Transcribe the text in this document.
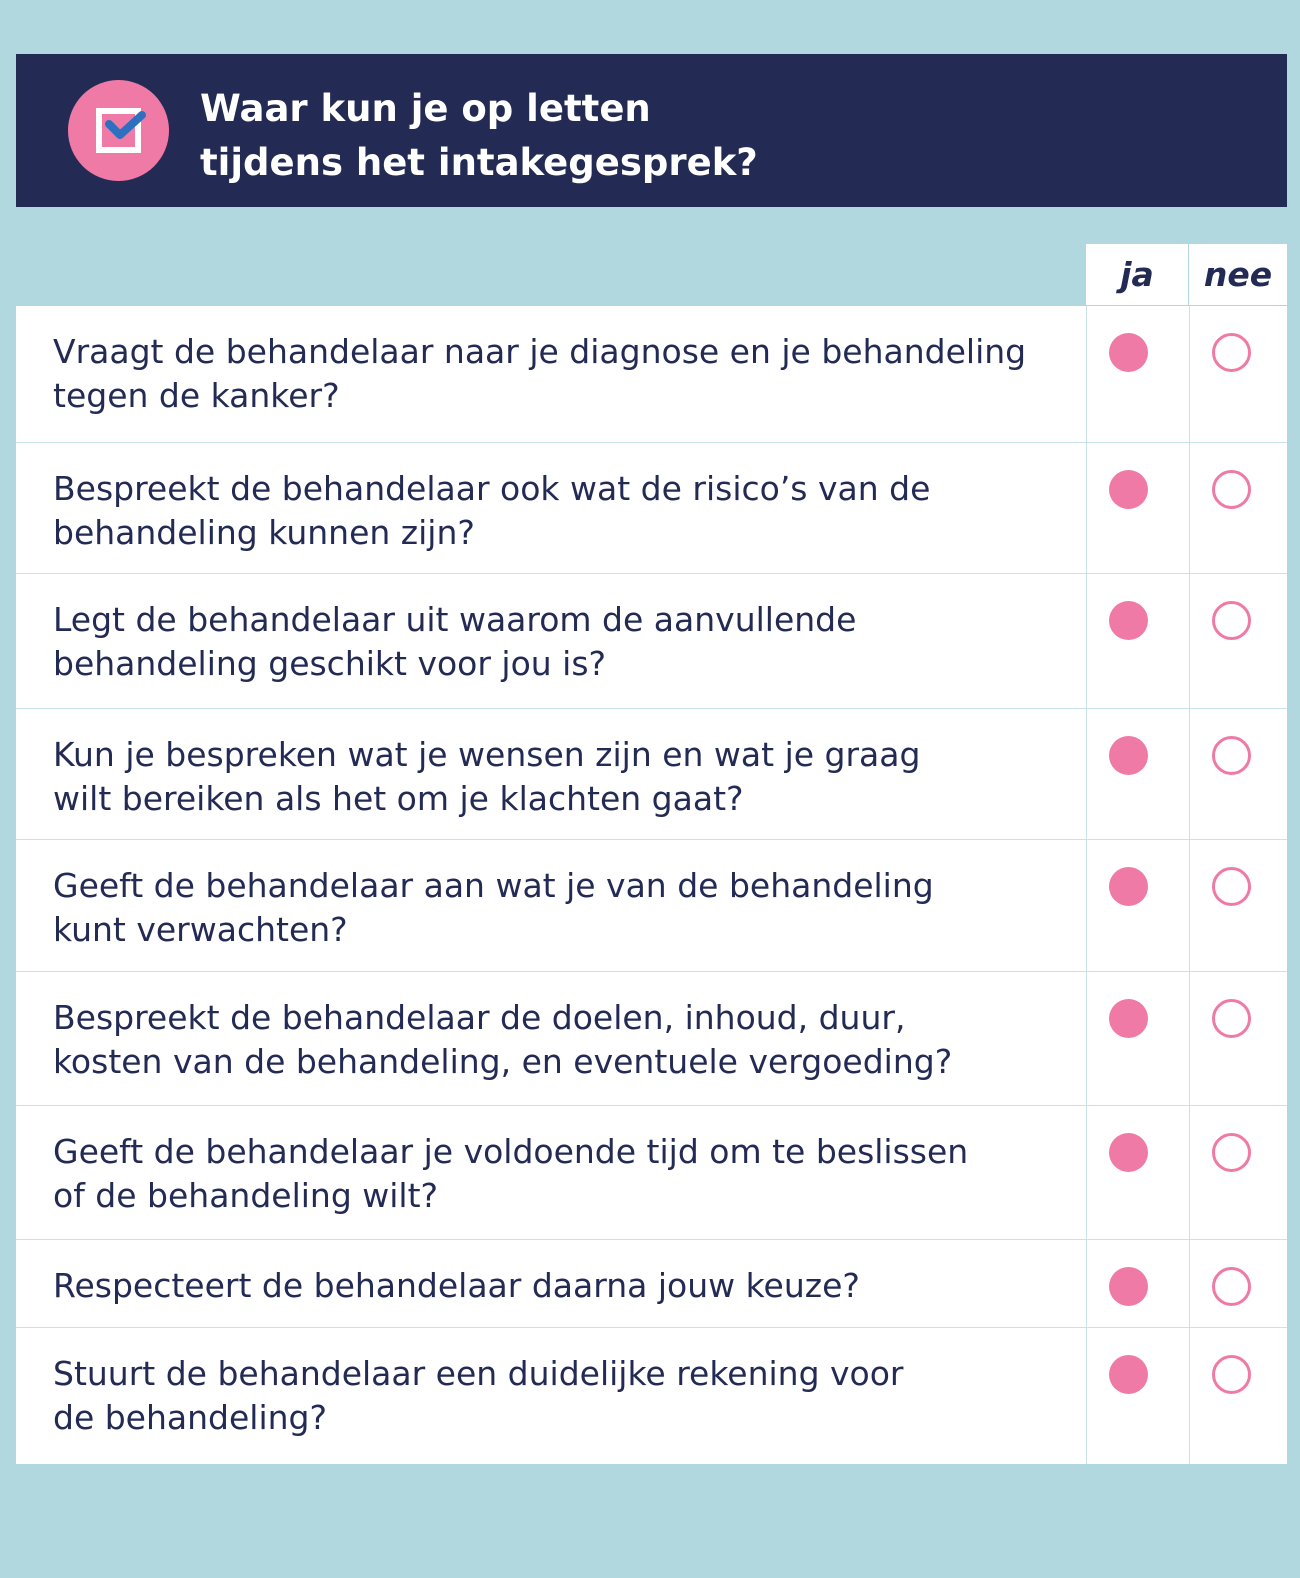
Waar kun je op letten
tijdens het intakegesprek?
ja	nee
Vraagt de behandelaar naar je diagnose en je behandeling
tegen de kanker?
Bespreekt de behandelaar ook wat de risico’s van de
behandeling kunnen zijn?
Legt de behandelaar uit waarom de aanvullende
behandeling geschikt voor jou is?
Kun je bespreken wat je wensen zijn en wat je graag
wilt bereiken als het om je klachten gaat?
Geeft de behandelaar aan wat je van de behandeling
kunt verwachten?
Bespreekt de behandelaar de doelen, inhoud, duur,
kosten van de behandeling, en eventuele vergoeding?
Geeft de behandelaar je voldoende tijd om te beslissen
of de behandeling wilt?
Respecteert de behandelaar daarna jouw keuze?
Stuurt de behandelaar een duidelijke rekening voor
de behandeling?
